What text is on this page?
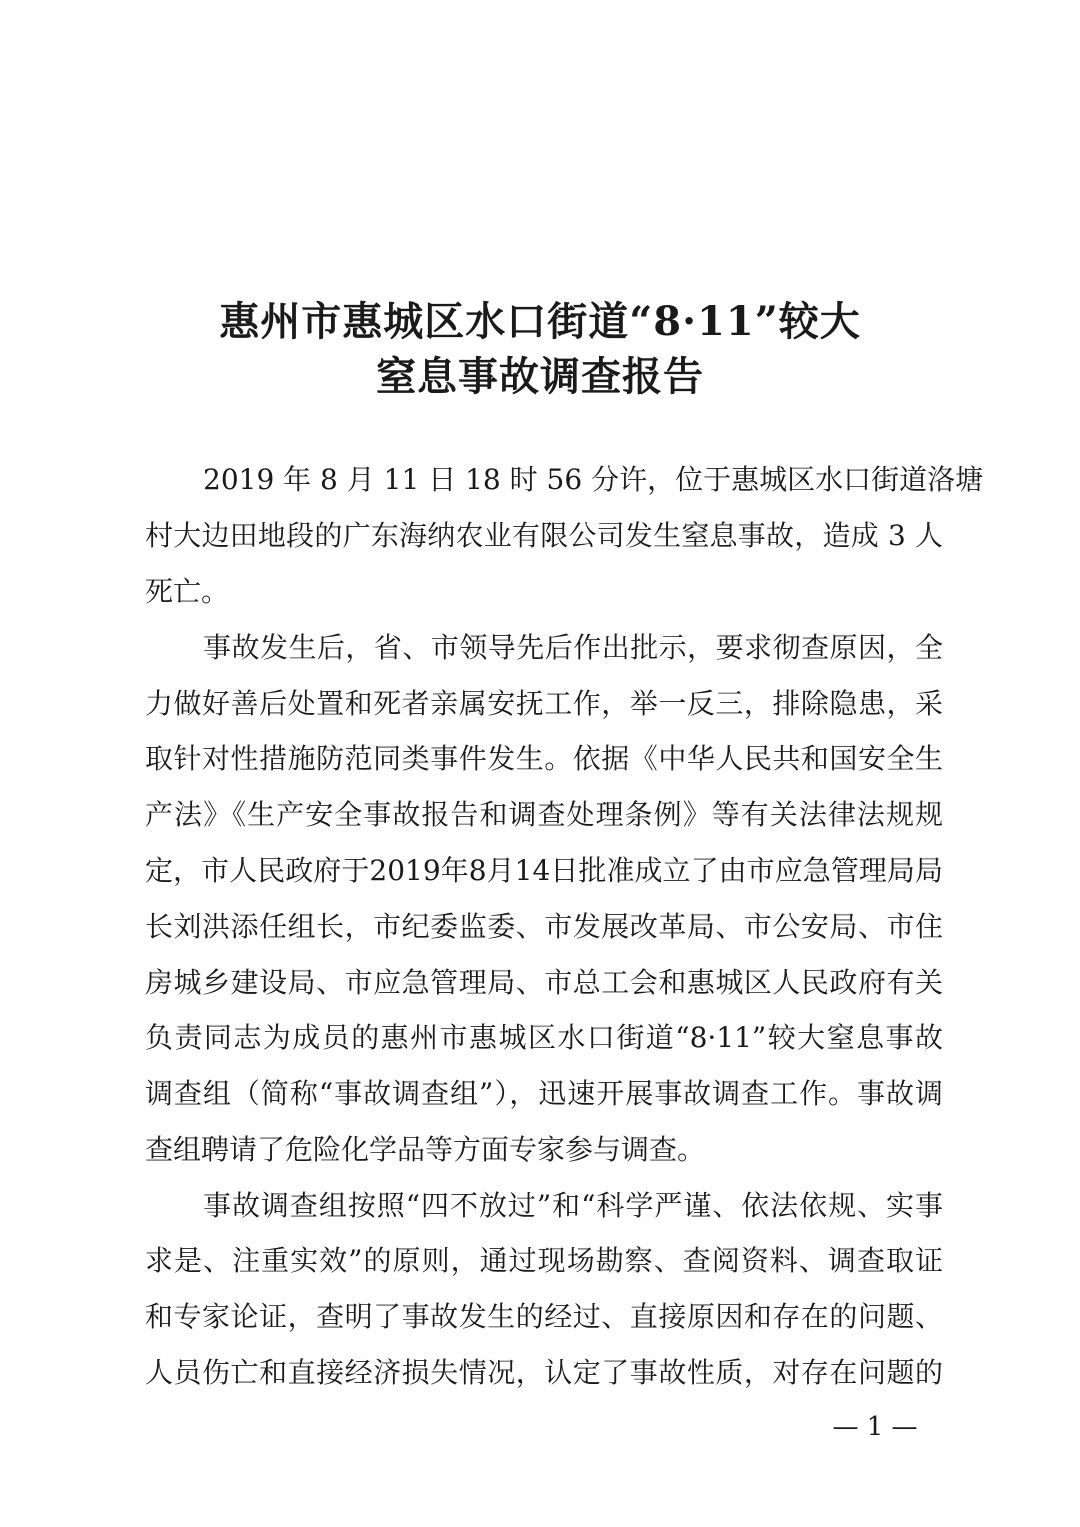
惠州市惠城区水口街道“8·11”较大
窒息事故调查报告

2019 年 8 月 11 日 18 时 56 分许，位于惠城区水口街道洛塘

村大边田地段的广东海纳农业有限公司发生窒息事故，造成 3 人

死亡。

事故发生后，省、市领导先后作出批示，要求彻查原因，全

力做好善后处置和死者亲属安抚工作，举一反三，排除隐患，采

取针对性措施防范同类事件发生。依据《中华人民共和国安全生

产法》《生产安全事故报告和调查处理条例》等有关法律法规规

定，市人民政府于2019年8月14日批准成立了由市应急管理局局

长刘洪添任组长，市纪委监委、市发展改革局、市公安局、市住

房城乡建设局、市应急管理局、市总工会和惠城区人民政府有关

负责同志为成员的惠州市惠城区水口街道“8·11”较大窒息事故

调查组（简称“事故调查组”），迅速开展事故调查工作。事故调

查组聘请了危险化学品等方面专家参与调查。

事故调查组按照“四不放过”和“科学严谨、依法依规、实事

求是、注重实效”的原则，通过现场勘察、查阅资料、调查取证

和专家论证，查明了事故发生的经过、直接原因和存在的问题、

人员伤亡和直接经济损失情况，认定了事故性质，对存在问题的

— 1 —
